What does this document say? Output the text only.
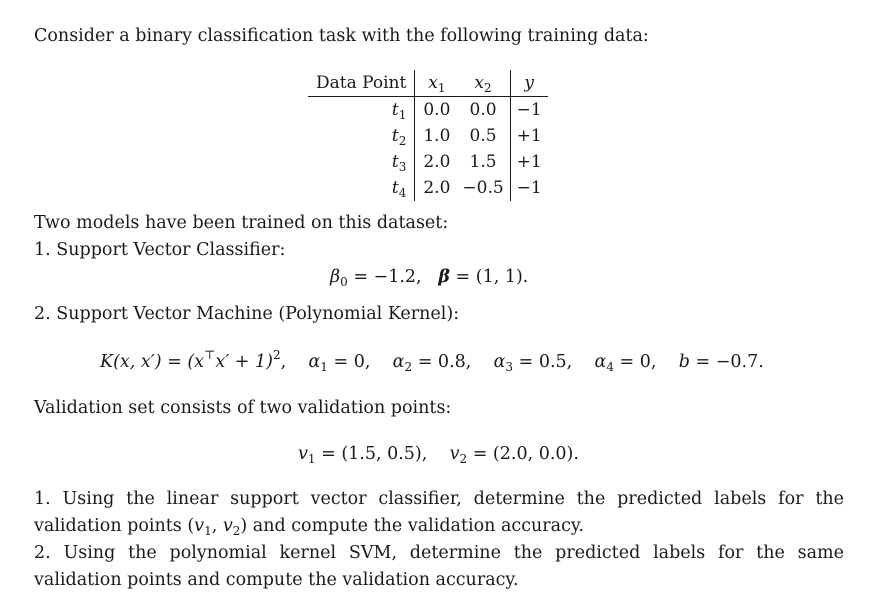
Consider a binary classification task with the following training data:
Data Point	$x_1$	$x_2$	y
$t_1$	0.0	0.0	−1
$t_2$	1.0	0.5	+1
$t_3$	2.0	1.5	+1
$t_4$	2.0	−0.5	−1
Two models have been trained on this dataset:
1. Support Vector Classifier:
$\beta_0 = -1.2$, β = (1, 1).
2. Support Vector Machine (Polynomial Kernel):
K(x, $x') = (x^⊤x' + 1)^2$, $\alpha_1 = 0$, $\alpha_2 = 0.8$, $\alpha_3 = 0.5$, $\alpha_4 = 0$, b = −0.7.
Validation set consists of two validation points:
$v_1 = (1.5$, 0.5), $v_2 = (2.0$, 0.0).
1. Using the linear support vector classifier, determine the predicted labels for the validation points ($v_1$, $v_2$) and compute the validation accuracy.
2. Using the polynomial kernel SVM, determine the predicted labels for the same validation points and compute the validation accuracy.
